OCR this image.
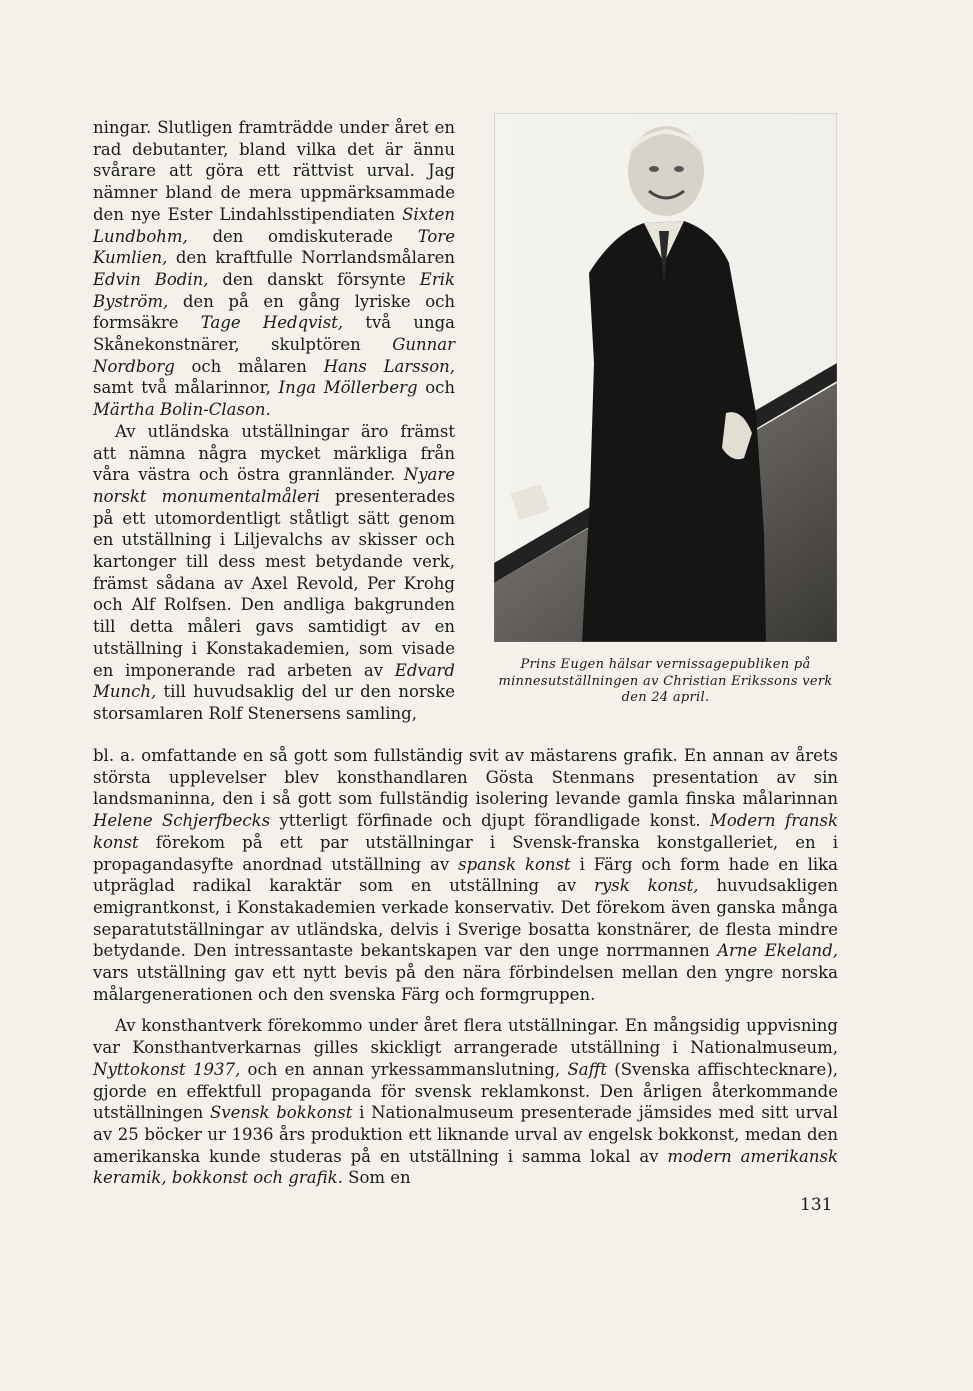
ningar. Slutligen framträdde under året en rad debutanter, bland vilka det är ännu svårare att göra ett rättvist urval. Jag nämner bland de mera uppmärksammade den nye Ester Lindahlsstipendiaten Sixten Lundbohm, den omdiskuterade Tore Kumlien, den kraftfulle Norrlandsmålaren Edvin Bodin, den danskt försynte Erik Byström, den på en gång lyriske och formsäkre Tage Hedqvist, två unga Skånekonstnärer, skulptören Gunnar Nordborg och målaren Hans Larsson, samt två målarinnor, Inga Möllerberg och Märtha Bolin-Clason.

Av utländska utställningar äro främst att nämna några mycket märkliga från våra västra och östra grannländer. Nyare norskt monumentalmåleri presenterades på ett utomordentligt ståtligt sätt genom en utställning i Liljevalchs av skisser och kartonger till dess mest betydande verk, främst sådana av Axel Revold, Per Krohg och Alf Rolfsen. Den andliga bakgrunden till detta måleri gavs samtidigt av en utställning i Konstakademien, som visade en imponerande rad arbeten av Edvard Munch, till huvudsaklig del ur den norske storsamlaren Rolf Stenersens samling,

Prins Eugen hälsar vernissagepubliken på minnesutställningen av Christian Erikssons verk den 24 april.

bl. a. omfattande en så gott som fullständig svit av mästarens grafik. En annan av årets största upplevelser blev konsthandlaren Gösta Stenmans presentation av sin landsmaninna, den i så gott som fullständig isolering levande gamla finska målarinnan Helene Schjerfbecks ytterligt förfinade och djupt förandligade konst. Modern fransk konst förekom på ett par utställningar i Svensk-franska konstgalleriet, en i propagandasyfte anordnad utställning av spansk konst i Färg och form hade en lika utpräglad radikal karaktär som en utställning av rysk konst, huvudsakligen emigrantkonst, i Konstakademien verkade konservativ. Det förekom även ganska många separatutställningar av utländska, delvis i Sverige bosatta konstnärer, de flesta mindre betydande. Den intressantaste bekantskapen var den unge norrmannen Arne Ekeland, vars utställning gav ett nytt bevis på den nära förbindelsen mellan den yngre norska målargenerationen och den svenska Färg och formgruppen.

Av konsthantverk förekommo under året flera utställningar. En mångsidig uppvisning var Konsthantverkarnas gilles skickligt arrangerade utställning i Nationalmuseum, Nyttokonst 1937, och en annan yrkessammanslutning, Safft (Svenska affischtecknare), gjorde en effektfull propaganda för svensk reklamkonst. Den årligen återkommande utställningen Svensk bokkonst i Nationalmuseum presenterade jämsides med sitt urval av 25 böcker ur 1936 års produktion ett liknande urval av engelsk bokkonst, medan den amerikanska kunde studeras på en utställning i samma lokal av modern amerikansk keramik, bokkonst och grafik. Som en

131
